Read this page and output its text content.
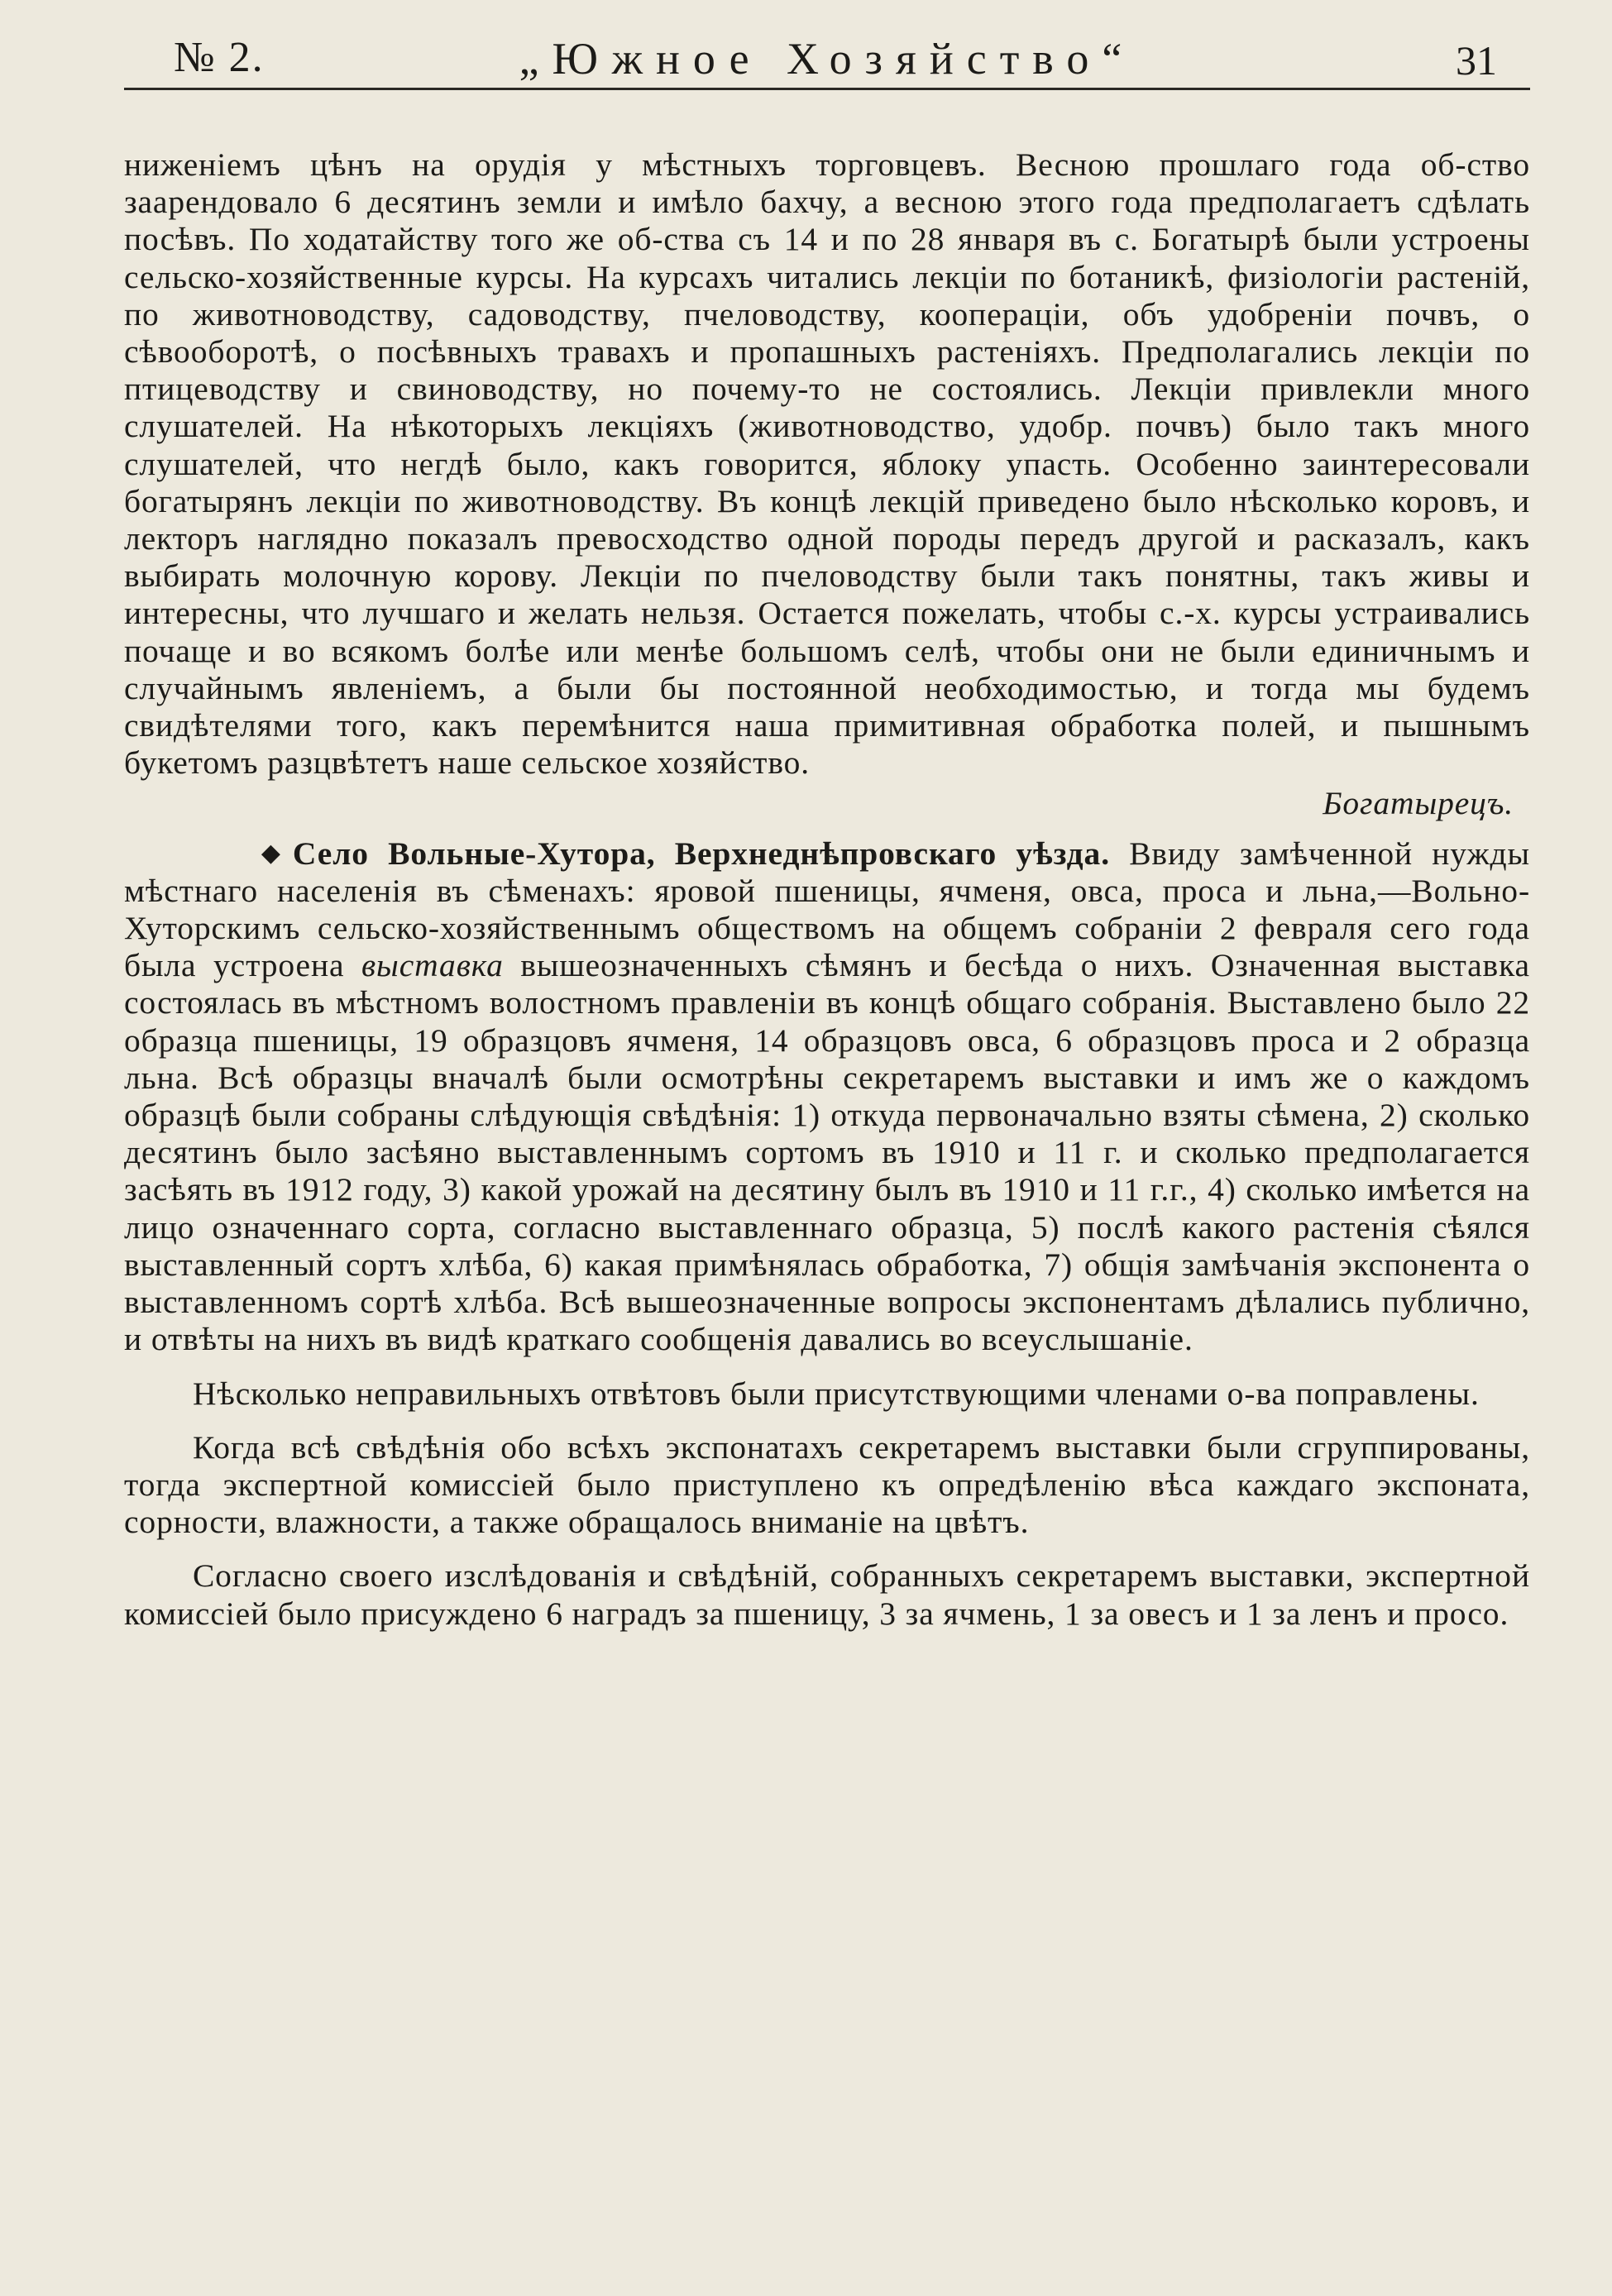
№ 2.	„Южное Хозяйство“	31

ниженіемъ цѣнъ на орудія у мѣстныхъ торговцевъ. Весною прошлаго года об-ство заарендовало 6 десятинъ земли и имѣло бахчу, а весною этого года предполагаетъ сдѣлать посѣвъ. По ходатайству того же об-ства съ 14 и по 28 января въ с. Богатырѣ были устроены сельско-хозяйственные курсы. На курсахъ читались лекціи по ботаникѣ, физіологіи растеній, по животноводству, садоводству, пчеловодству, коопераціи, объ удобреніи почвъ, о сѣвооборотѣ, о посѣвныхъ травахъ и пропашныхъ растеніяхъ. Предполагались лекціи по птицеводству и свиноводству, но почему-то не состоялись. Лекціи привлекли много слушателей. На нѣкоторыхъ лекціяхъ (животноводство, удобр. почвъ) было такъ много слушателей, что негдѣ было, какъ говорится, яблоку упасть. Особенно заинтересовали богатырянъ лекціи по животноводству. Въ концѣ лекцій приведено было нѣсколько коровъ, и лекторъ наглядно показалъ превосходство одной породы передъ другой и расказалъ, какъ выбирать молочную корову. Лекціи по пчеловодству были такъ понятны, такъ живы и интересны, что лучшаго и желать нельзя. Остается пожелать, чтобы с.-х. курсы устраивались почаще и во всякомъ болѣе или менѣе большомъ селѣ, чтобы они не были единичнымъ и случайнымъ явленіемъ, а были бы постоянной необходимостью, и тогда мы будемъ свидѣтелями того, какъ перемѣнится наша примитивная обработка полей, и пышнымъ букетомъ разцвѣтетъ наше сельское хозяйство.

Богатырецъ.

◆ Село Вольные-Хутора, Верхнеднѣпровскаго уѣзда. Ввиду замѣченной нужды мѣстнаго населенія въ сѣменахъ: яровой пшеницы, ячменя, овса, проса и льна,—Вольно-Хуторскимъ сельско-хозяйственнымъ обществомъ на общемъ собраніи 2 февраля сего года была устроена выставка вышеозначенныхъ сѣмянъ и бесѣда о нихъ. Означенная выставка состоялась въ мѣстномъ волостномъ правленіи въ концѣ общаго собранія. Выставлено было 22 образца пшеницы, 19 образцовъ ячменя, 14 образцовъ овса, 6 образцовъ проса и 2 образца льна. Всѣ образцы вначалѣ были осмотрѣны секретаремъ выставки и имъ же о каждомъ образцѣ были собраны слѣдующія свѣдѣнія: 1) откуда первоначально взяты сѣмена, 2) сколько десятинъ было засѣяно выставленнымъ сортомъ въ 1910 и 11 г. и сколько предполагается засѣять въ 1912 году, 3) какой урожай на десятину былъ въ 1910 и 11 г.г., 4) сколько имѣется на лицо означеннаго сорта, согласно выставленнаго образца, 5) послѣ какого растенія сѣялся выставленный сортъ хлѣба, 6) какая примѣнялась обработка, 7) общія замѣчанія экспонента о выставленномъ сортѣ хлѣба. Всѣ вышеозначенные вопросы экспонентамъ дѣлались публично, и отвѣты на нихъ въ видѣ краткаго сообщенія давались во всеуслышаніе.

Нѣсколько неправильныхъ отвѣтовъ были присутствующими членами о-ва поправлены.

Когда всѣ свѣдѣнія обо всѣхъ экспонатахъ секретаремъ выставки были сгруппированы, тогда экспертной комиссіей было приступлено къ опредѣленію вѣса каждаго экспоната, сорности, влажности, а также обращалось вниманіе на цвѣтъ.

Согласно своего изслѣдованія и свѣдѣній, собранныхъ секретаремъ выставки, экспертной комиссіей было присуждено 6 наградъ за пшеницу, 3 за ячмень, 1 за овесъ и 1 за ленъ и просо.
